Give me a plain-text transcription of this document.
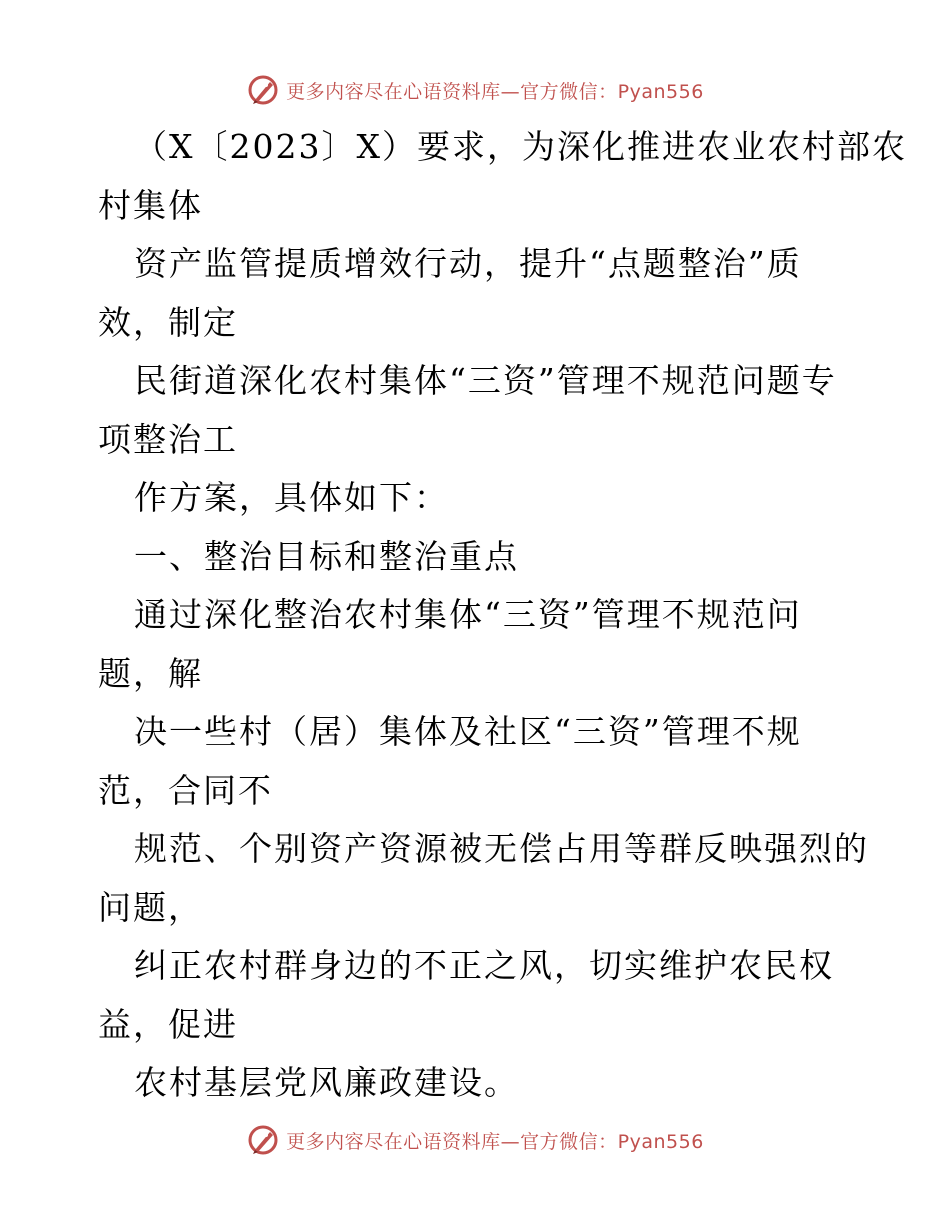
更多内容尽在心语资料库—官方微信：Pyan556
（X〔2023〕X）要求，为深化推进农业农村部农
村集体
资产监管提质增效行动，提升“点题整治”质
效，制定
民街道深化农村集体“三资”管理不规范问题专
项整治工
作方案，具体如下：
一、整治目标和整治重点
通过深化整治农村集体“三资”管理不规范问
题，解
决一些村（居）集体及社区“三资”管理不规
范，合同不
规范、个别资产资源被无偿占用等群反映强烈的
问题，
纠正农村群身边的不正之风，切实维护农民权
益，促进
农村基层党风廉政建设。
更多内容尽在心语资料库—官方微信：Pyan556
